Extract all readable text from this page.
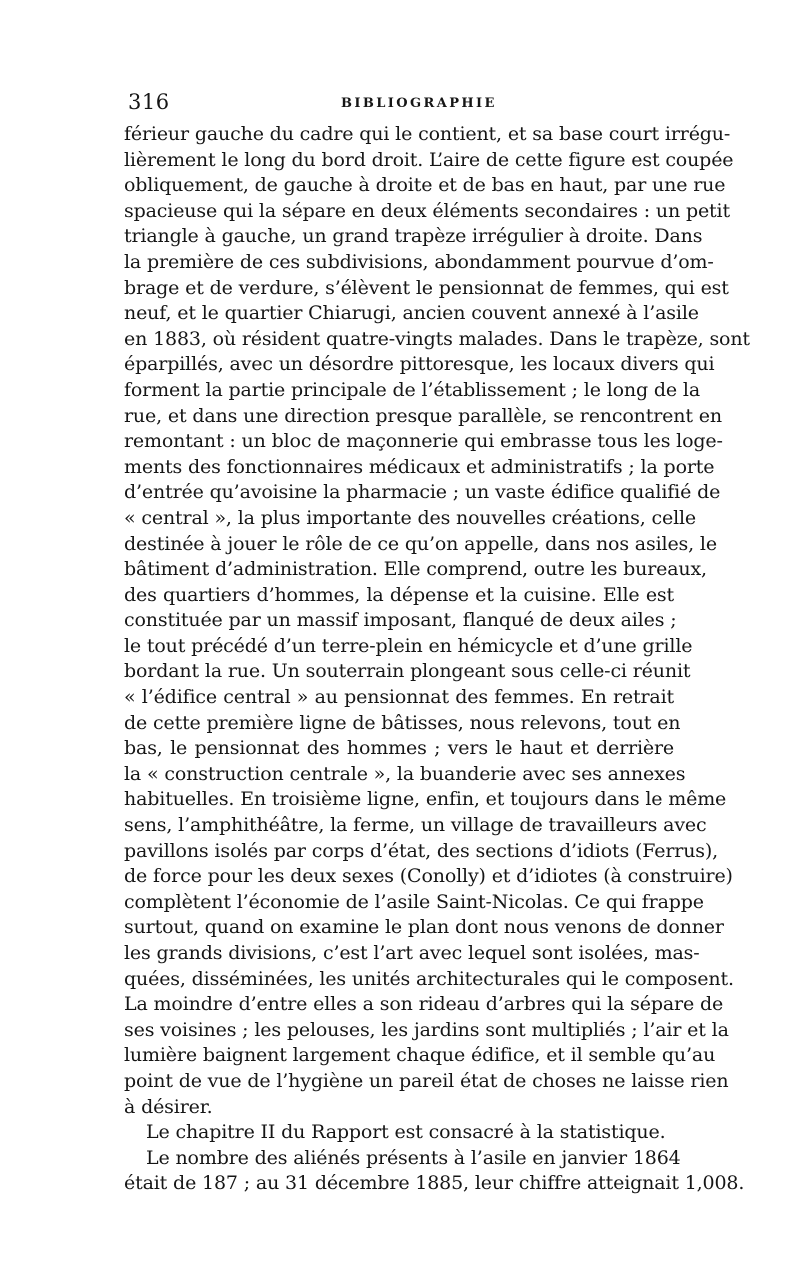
316	BIBLIOGRAPHIE
férieur gauche du cadre qui le contient, et sa base court irrégu-
lièrement le long du bord droit. L’aire de cette figure est coupée
obliquement, de gauche à droite et de bas en haut, par une rue
spacieuse qui la sépare en deux éléments secondaires : un petit
triangle à gauche, un grand trapèze irrégulier à droite. Dans
la première de ces subdivisions, abondamment pourvue d’om-
brage et de verdure, s’élèvent le pensionnat de femmes, qui est
neuf, et le quartier Chiarugi, ancien couvent annexé à l’asile
en 1883, où résident quatre-vingts malades. Dans le trapèze, sont
éparpillés, avec un désordre pittoresque, les locaux divers qui
forment la partie principale de l’établissement ; le long de la
rue, et dans une direction presque parallèle, se rencontrent en
remontant : un bloc de maçonnerie qui embrasse tous les loge-
ments des fonctionnaires médicaux et administratifs ; la porte
d’entrée qu’avoisine la pharmacie ; un vaste édifice qualifié de
« central », la plus importante des nouvelles créations, celle
destinée à jouer le rôle de ce qu’on appelle, dans nos asiles, le
bâtiment d’administration. Elle comprend, outre les bureaux,
des quartiers d’hommes, la dépense et la cuisine. Elle est
constituée par un massif imposant, flanqué de deux ailes ;
le tout précédé d’un terre-plein en hémicycle et d’une grille
bordant la rue. Un souterrain plongeant sous celle-ci réunit
« l’édifice central » au pensionnat des femmes. En retrait
de cette première ligne de bâtisses, nous relevons, tout en
bas, le pensionnat des hommes ; vers le haut et derrière
la « construction centrale », la buanderie avec ses annexes
habituelles. En troisième ligne, enfin, et toujours dans le même
sens, l’amphithéâtre, la ferme, un village de travailleurs avec
pavillons isolés par corps d’état, des sections d’idiots (Ferrus),
de force pour les deux sexes (Conolly) et d’idiotes (à construire)
complètent l’économie de l’asile Saint-Nicolas. Ce qui frappe
surtout, quand on examine le plan dont nous venons de donner
les grands divisions, c’est l’art avec lequel sont isolées, mas-
quées, disséminées, les unités architecturales qui le composent.
La moindre d’entre elles a son rideau d’arbres qui la sépare de
ses voisines ; les pelouses, les jardins sont multipliés ; l’air et la
lumière baignent largement chaque édifice, et il semble qu’au
point de vue de l’hygiène un pareil état de choses ne laisse rien
à désirer.
Le chapitre II du Rapport est consacré à la statistique.
Le nombre des aliénés présents à l’asile en janvier 1864
était de 187 ; au 31 décembre 1885, leur chiffre atteignait 1,008.
